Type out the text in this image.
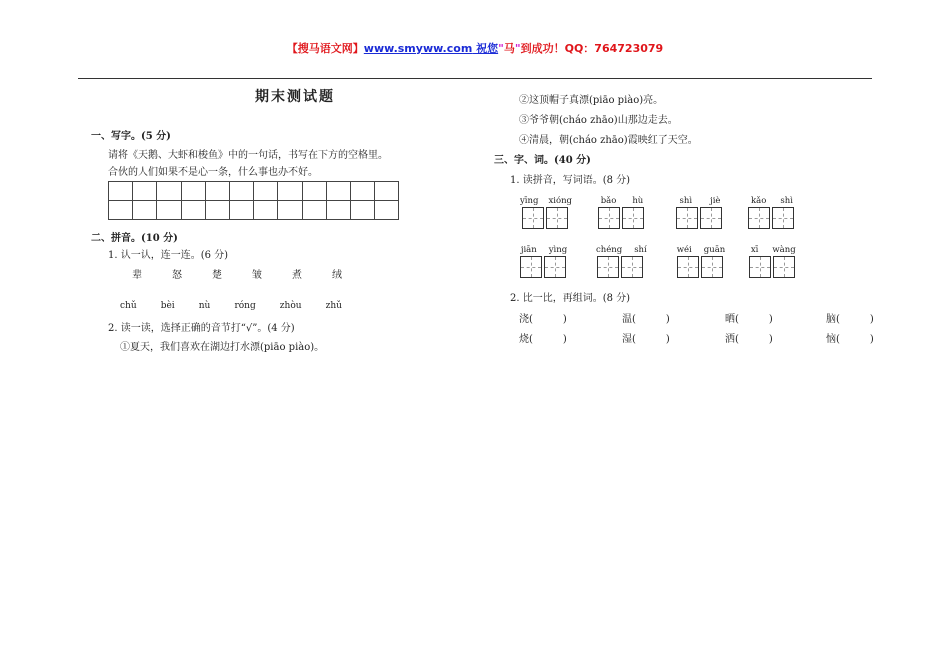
【搜马语文网】www.smyww.com 祝您"马"到成功！QQ：764723079
期末测试题
一、写字。(5 分)
请将《天鹅、大虾和梭鱼》中的一句话，书写在下方的空格里。
合伙的人们如果不是心一条，什么事也办不好。
二、拼音。(10 分)
1. 认一认，连一连。(6 分)
辈	怒	楚	皱	煮	绒
chǔ	bèi	nù	róng	zhòu	zhǔ
2. 读一读，选择正确的音节打“√”。(4 分)
①夏天，我们喜欢在湖边打水漂(piāo piào)。
②这顶帽子真漂(piāo piào)亮。
③爷爷朝(cháo zhāo)山那边走去。
④清晨，朝(cháo zhāo)霞映红了天空。
三、字、词。(40 分)
1. 读拼音，写词语。(8 分)
yīng xióng	bǎo hù	shì jiè	kǎo shì
jiān yìng	chéng shí	wéi guān	xī wàng
2. 比一比，再组词。(8 分)
浇(　　　)	温(　　　)	晒(　　　)	脑(　　　)
烧(　　　)	湿(　　　)	洒(　　　)	恼(　　　)
